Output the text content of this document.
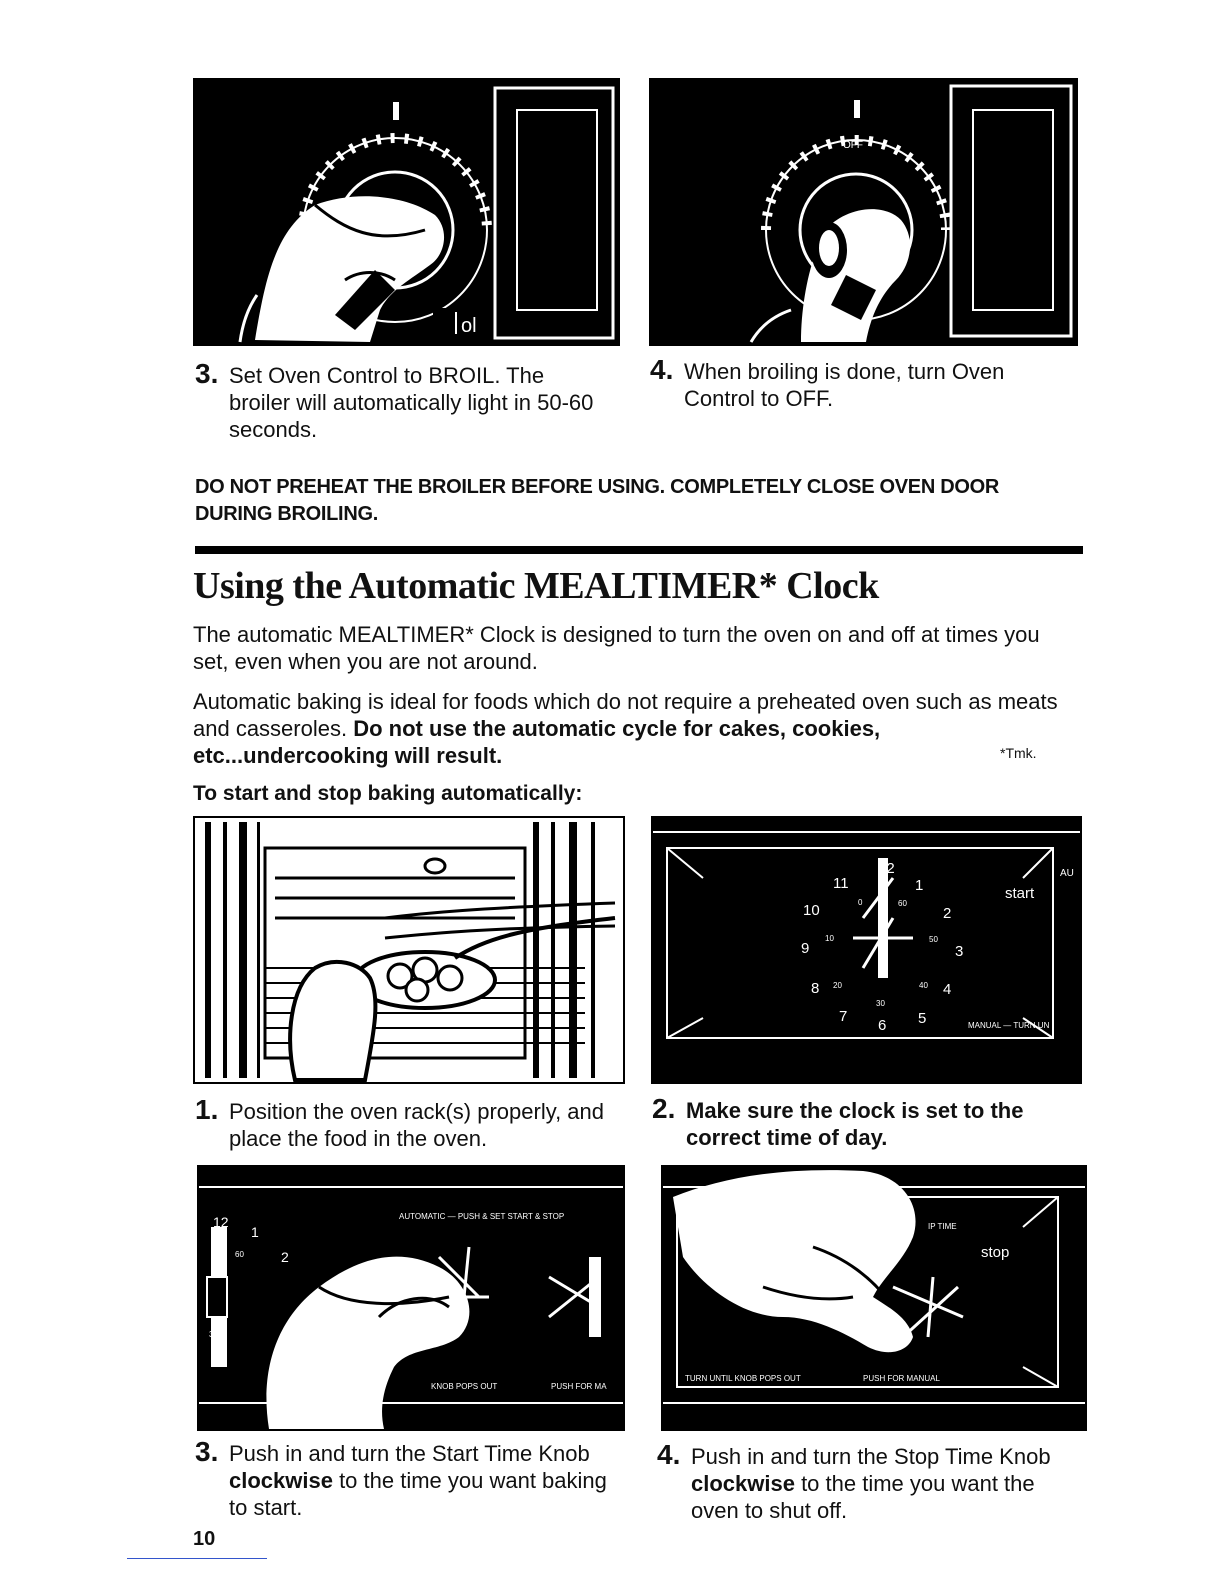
ol
OFF
3. Set Oven Control to BROIL. The broiler will automatically light in 50-60 seconds.
4. When broiling is done, turn Oven Control to OFF.
DO NOT PREHEAT THE BROILER BEFORE USING. COMPLETELY CLOSE OVEN DOOR DURING BROILING.
Using the Automatic MEALTIMER* Clock
The automatic MEALTIMER* Clock is designed to turn the oven on and off at times you set, even when you are not around.
Automatic baking is ideal for foods which do not require a preheated oven such as meats and casseroles. Do not use the automatic cycle for cakes, cookies, etc...undercooking will result.	*Tmk.
To start and stop baking automatically:
11
12
1
10	2
9	3
8	4
7
6 5
0	60
10	50
20	40
30
start
AU
MANUAL — TURN UN
1. Position the oven rack(s) properly, and place the food in the oven.
2. Make sure the clock is set to the correct time of day.
AUTOMATIC — PUSH & SET START & STOP
12
1
60	2
30
6
KNOB POPS OUT	PUSH FOR MA
IP TIME
stop
TURN UNTIL KNOB POPS OUT	PUSH FOR MANUAL
3. Push in and turn the Start Time Knob clockwise to the time you want baking to start.
4. Push in and turn the Stop Time Knob clockwise to the time you want the oven to shut off.
10
